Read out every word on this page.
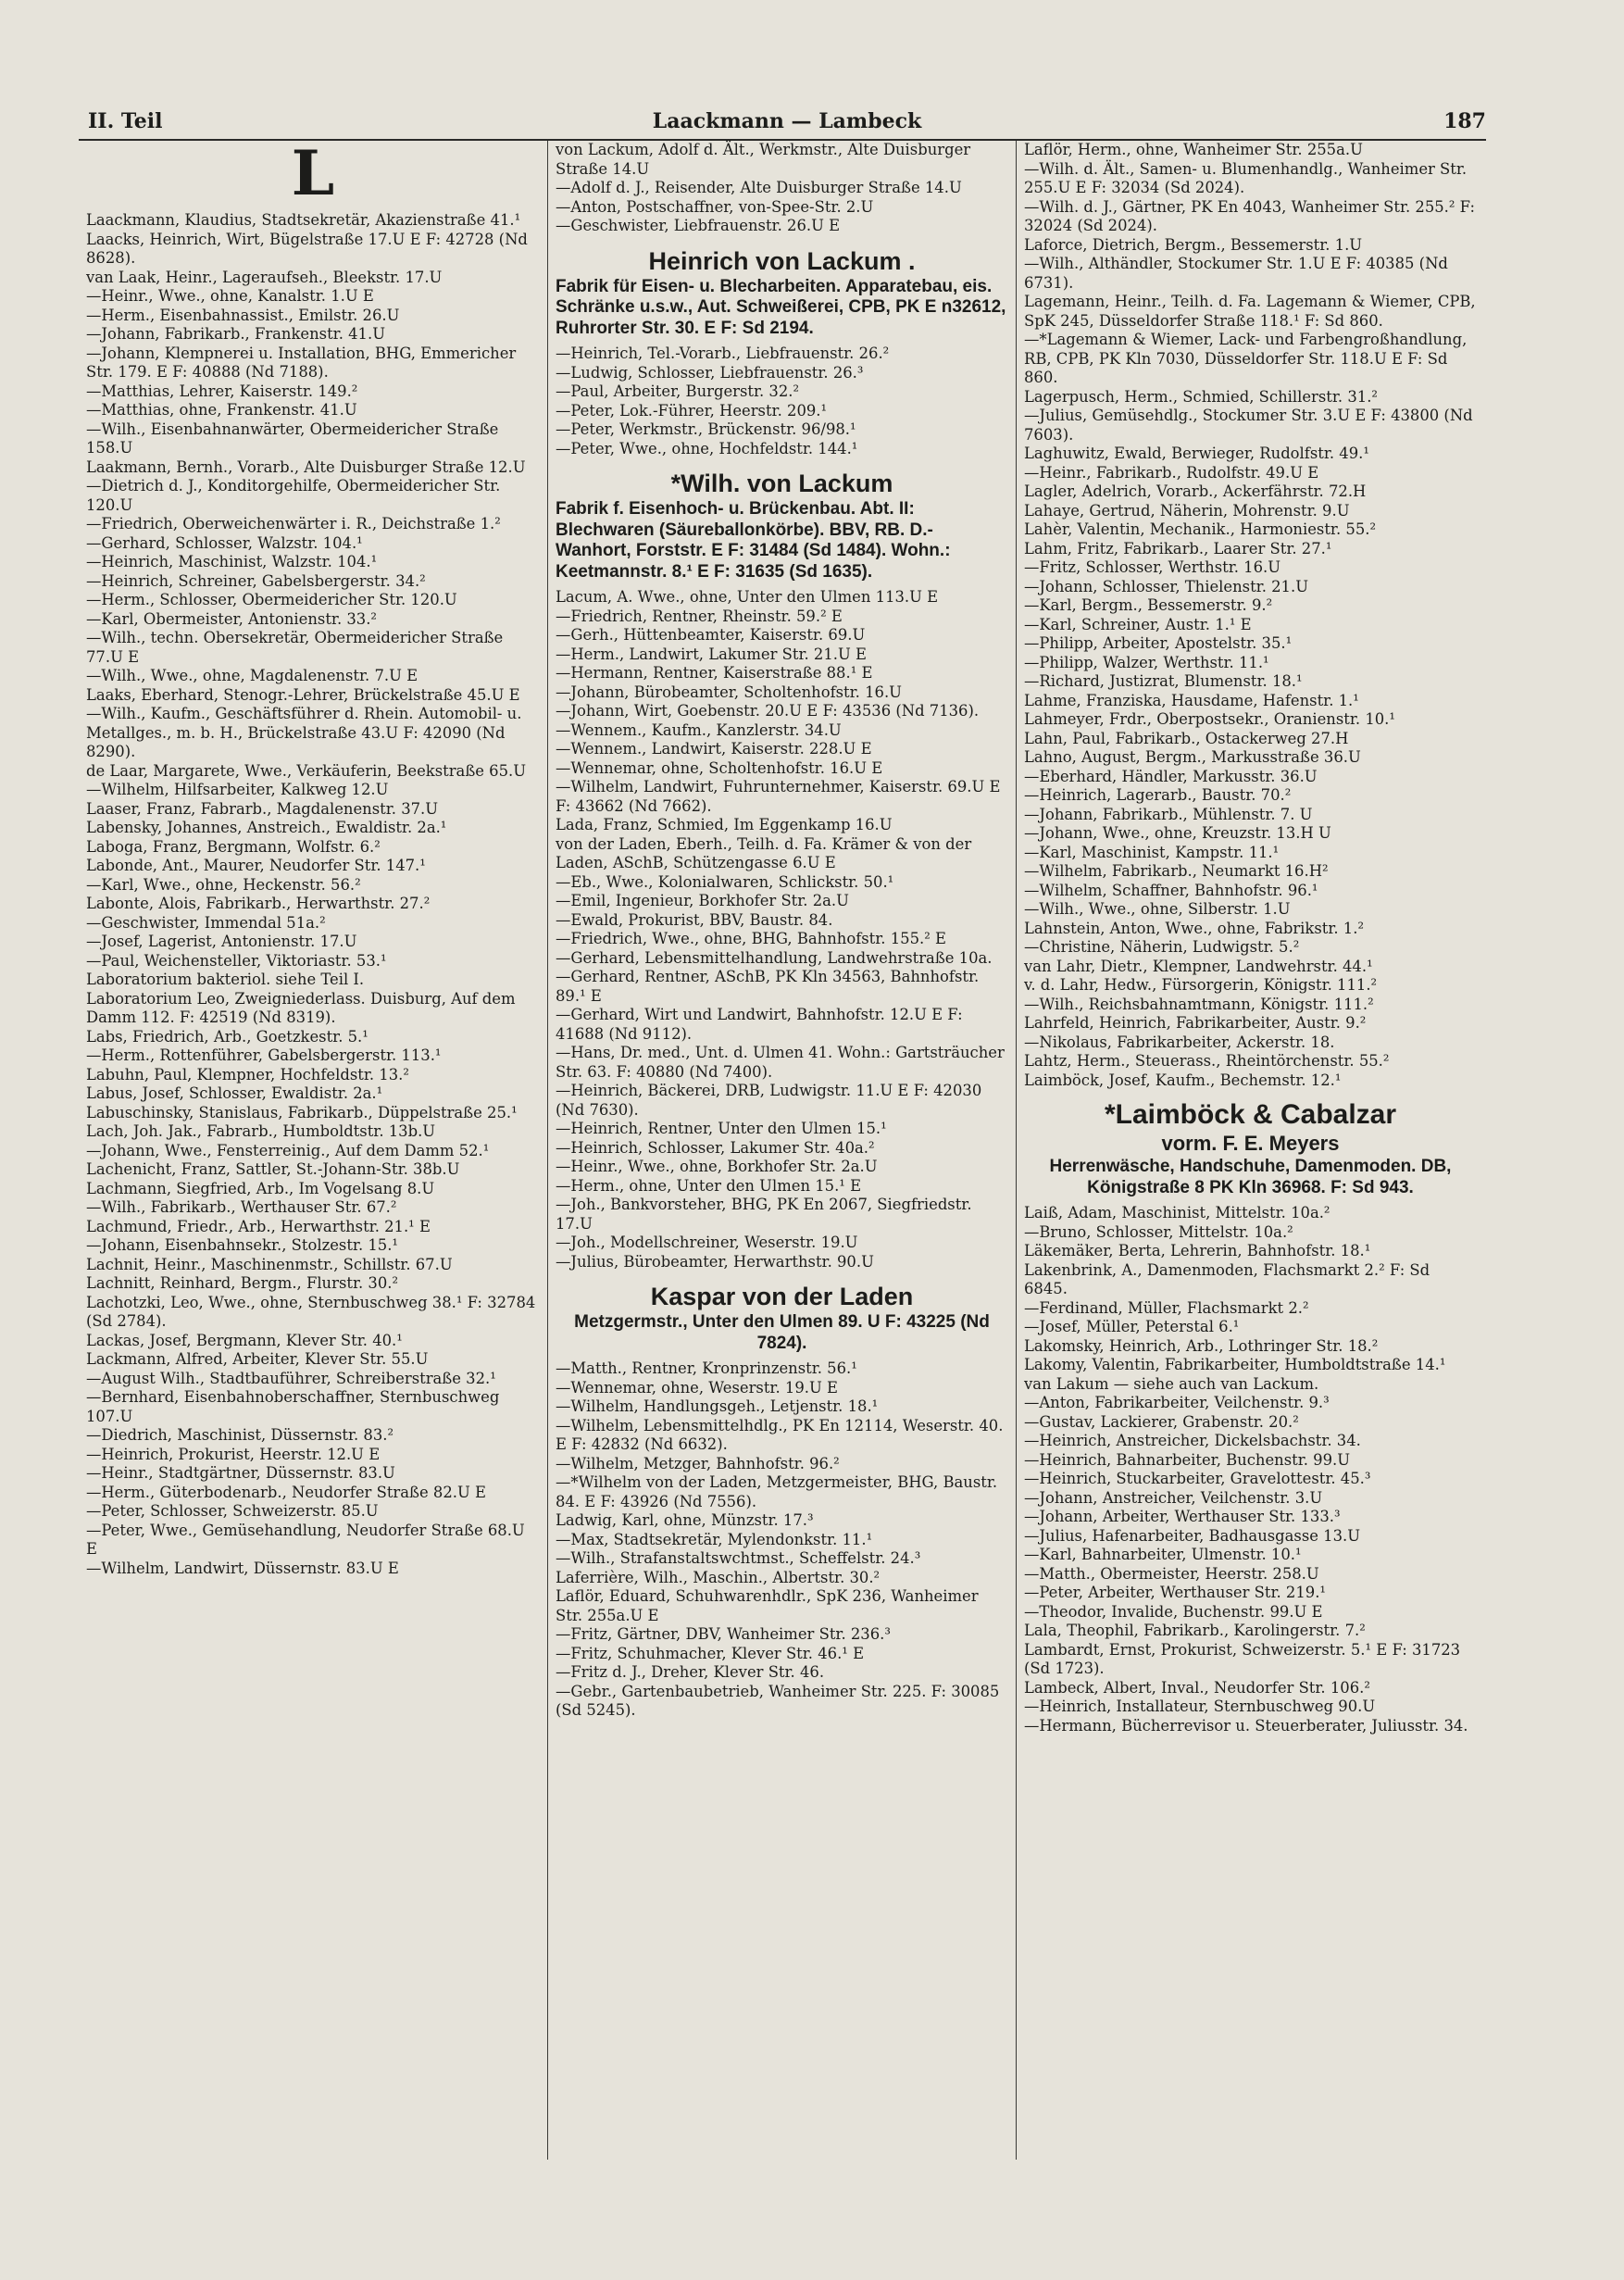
II. Teil	Laackmann — Lambeck	187
L

Laackmann, Klaudius, Stadtsekretär, Akazienstraße 41.¹

Laacks, Heinrich, Wirt, Bügelstraße 17.U E F: 42728 (Nd 8628).

van Laak, Heinr., Lageraufseh., Bleekstr. 17.U

—Heinr., Wwe., ohne, Kanalstr. 1.U E

—Herm., Eisenbahnassist., Emilstr. 26.U

—Johann, Fabrikarb., Frankenstr. 41.U

—Johann, Klempnerei u. Installation, BHG, Emmericher Str. 179. E F: 40888 (Nd 7188).

—Matthias, Lehrer, Kaiserstr. 149.²

—Matthias, ohne, Frankenstr. 41.U

—Wilh., Eisenbahnanwärter, Obermeidericher Straße 158.U

Laakmann, Bernh., Vorarb., Alte Duisburger Straße 12.U

—Dietrich d. J., Konditorgehilfe, Obermeidericher Str. 120.U

—Friedrich, Oberweichenwärter i. R., Deichstraße 1.²

—Gerhard, Schlosser, Walzstr. 104.¹

—Heinrich, Maschinist, Walzstr. 104.¹

—Heinrich, Schreiner, Gabelsbergerstr. 34.²

—Herm., Schlosser, Obermeidericher Str. 120.U

—Karl, Obermeister, Antonienstr. 33.²

—Wilh., techn. Obersekretär, Obermeidericher Straße 77.U E

—Wilh., Wwe., ohne, Magdalenenstr. 7.U E

Laaks, Eberhard, Stenogr.-Lehrer, Brückelstraße 45.U E

—Wilh., Kaufm., Geschäftsführer d. Rhein. Automobil- u. Metallges., m. b. H., Brückelstraße 43.U F: 42090 (Nd 8290).

de Laar, Margarete, Wwe., Verkäuferin, Beekstraße 65.U

—Wilhelm, Hilfsarbeiter, Kalkweg 12.U

Laaser, Franz, Fabrarb., Magdalenenstr. 37.U

Labensky, Johannes, Anstreich., Ewaldistr. 2a.¹

Laboga, Franz, Bergmann, Wolfstr. 6.²

Labonde, Ant., Maurer, Neudorfer Str. 147.¹

—Karl, Wwe., ohne, Heckenstr. 56.²

Labonte, Alois, Fabrikarb., Herwarthstr. 27.²

—Geschwister, Immendal 51a.²

—Josef, Lagerist, Antonienstr. 17.U

—Paul, Weichensteller, Viktoriastr. 53.¹

Laboratorium bakteriol. siehe Teil I.

Laboratorium Leo, Zweigniederlass. Duisburg, Auf dem Damm 112. F: 42519 (Nd 8319).

Labs, Friedrich, Arb., Goetzkestr. 5.¹

—Herm., Rottenführer, Gabelsbergerstr. 113.¹

Labuhn, Paul, Klempner, Hochfeldstr. 13.²

Labus, Josef, Schlosser, Ewaldistr. 2a.¹

Labuschinsky, Stanislaus, Fabrikarb., Düppelstraße 25.¹

Lach, Joh. Jak., Fabrarb., Humboldtstr. 13b.U

—Johann, Wwe., Fensterreinig., Auf dem Damm 52.¹

Lachenicht, Franz, Sattler, St.-Johann-Str. 38b.U

Lachmann, Siegfried, Arb., Im Vogelsang 8.U

—Wilh., Fabrikarb., Werthauser Str. 67.²

Lachmund, Friedr., Arb., Herwarthstr. 21.¹ E

—Johann, Eisenbahnsekr., Stolzestr. 15.¹

Lachnit, Heinr., Maschinenmstr., Schillstr. 67.U

Lachnitt, Reinhard, Bergm., Flurstr. 30.²

Lachotzki, Leo, Wwe., ohne, Sternbuschweg 38.¹ F: 32784 (Sd 2784).

Lackas, Josef, Bergmann, Klever Str. 40.¹

Lackmann, Alfred, Arbeiter, Klever Str. 55.U

—August Wilh., Stadtbauführer, Schreiberstraße 32.¹

—Bernhard, Eisenbahnoberschaffner, Sternbuschweg 107.U

—Diedrich, Maschinist, Düssernstr. 83.²

—Heinrich, Prokurist, Heerstr. 12.U E

—Heinr., Stadtgärtner, Düssernstr. 83.U

—Herm., Güterbodenarb., Neudorfer Straße 82.U E

—Peter, Schlosser, Schweizerstr. 85.U

—Peter, Wwe., Gemüsehandlung, Neudorfer Straße 68.U E

—Wilhelm, Landwirt, Düssernstr. 83.U E

von Lackum, Adolf d. Ält., Werkmstr., Alte Duisburger Straße 14.U

—Adolf d. J., Reisender, Alte Duisburger Straße 14.U

—Anton, Postschaffner, von-Spee-Str. 2.U

—Geschwister, Liebfrauenstr. 26.U E

Heinrich von Lackum .
Fabrik für Eisen- u. Blecharbeiten. Apparatebau, eis. Schränke u.s.w., Aut. Schweißerei, CPB, PK E n32612, Ruhrorter Str. 30. E F: Sd 2194.

—Heinrich, Tel.-Vorarb., Liebfrauenstr. 26.²

—Ludwig, Schlosser, Liebfrauenstr. 26.³

—Paul, Arbeiter, Burgerstr. 32.²

—Peter, Lok.-Führer, Heerstr. 209.¹

—Peter, Werkmstr., Brückenstr. 96/98.¹

—Peter, Wwe., ohne, Hochfeldstr. 144.¹

*Wilh. von Lackum
Fabrik f. Eisenhoch- u. Brückenbau. Abt. II: Blechwaren (Säureballonkörbe). BBV, RB. D.-Wanhort, Forststr. E F: 31484 (Sd 1484). Wohn.: Keetmannstr. 8.¹ E F: 31635 (Sd 1635).

Lacum, A. Wwe., ohne, Unter den Ulmen 113.U E

—Friedrich, Rentner, Rheinstr. 59.² E

—Gerh., Hüttenbeamter, Kaiserstr. 69.U

—Herm., Landwirt, Lakumer Str. 21.U E

—Hermann, Rentner, Kaiserstraße 88.¹ E

—Johann, Bürobeamter, Scholtenhofstr. 16.U

—Johann, Wirt, Goebenstr. 20.U E F: 43536 (Nd 7136).

—Wennem., Kaufm., Kanzlerstr. 34.U

—Wennem., Landwirt, Kaiserstr. 228.U E

—Wennemar, ohne, Scholtenhofstr. 16.U E

—Wilhelm, Landwirt, Fuhrunternehmer, Kaiserstr. 69.U E F: 43662 (Nd 7662).

Lada, Franz, Schmied, Im Eggenkamp 16.U

von der Laden, Eberh., Teilh. d. Fa. Krämer & von der Laden, ASchB, Schützengasse 6.U E

—Eb., Wwe., Kolonialwaren, Schlickstr. 50.¹

—Emil, Ingenieur, Borkhofer Str. 2a.U

—Ewald, Prokurist, BBV, Baustr. 84.

—Friedrich, Wwe., ohne, BHG, Bahnhofstr. 155.² E

—Gerhard, Lebensmittelhandlung, Landwehrstraße 10a.

—Gerhard, Rentner, ASchB, PK Kln 34563, Bahnhofstr. 89.¹ E

—Gerhard, Wirt und Landwirt, Bahnhofstr. 12.U E F: 41688 (Nd 9112).

—Hans, Dr. med., Unt. d. Ulmen 41. Wohn.: Gartsträucher Str. 63. F: 40880 (Nd 7400).

—Heinrich, Bäckerei, DRB, Ludwigstr. 11.U E F: 42030 (Nd 7630).

—Heinrich, Rentner, Unter den Ulmen 15.¹

—Heinrich, Schlosser, Lakumer Str. 40a.²

—Heinr., Wwe., ohne, Borkhofer Str. 2a.U

—Herm., ohne, Unter den Ulmen 15.¹ E

—Joh., Bankvorsteher, BHG, PK En 2067, Siegfriedstr. 17.U

—Joh., Modellschreiner, Weserstr. 19.U

—Julius, Bürobeamter, Herwarthstr. 90.U

Kaspar von der Laden
Metzgermstr., Unter den Ulmen 89. U F: 43225 (Nd 7824).

—Matth., Rentner, Kronprinzenstr. 56.¹

—Wennemar, ohne, Weserstr. 19.U E

—Wilhelm, Handlungsgeh., Letjenstr. 18.¹

—Wilhelm, Lebensmittelhdlg., PK En 12114, Weserstr. 40. E F: 42832 (Nd 6632).

—Wilhelm, Metzger, Bahnhofstr. 96.²

—*Wilhelm von der Laden, Metzgermeister, BHG, Baustr. 84. E F: 43926 (Nd 7556).

Ladwig, Karl, ohne, Münzstr. 17.³

—Max, Stadtsekretär, Mylendonkstr. 11.¹

—Wilh., Strafanstaltswchtmst., Scheffelstr. 24.³

Laferrière, Wilh., Maschin., Albertstr. 30.²

Laflör, Eduard, Schuhwarenhdlr., SpK 236, Wanheimer Str. 255a.U E

—Fritz, Gärtner, DBV, Wanheimer Str. 236.³

—Fritz, Schuhmacher, Klever Str. 46.¹ E

—Fritz d. J., Dreher, Klever Str. 46.

—Gebr., Gartenbaubetrieb, Wanheimer Str. 225. F: 30085 (Sd 5245).

Laflör, Herm., ohne, Wanheimer Str. 255a.U

—Wilh. d. Ält., Samen- u. Blumenhandlg., Wanheimer Str. 255.U E F: 32034 (Sd 2024).

—Wilh. d. J., Gärtner, PK En 4043, Wanheimer Str. 255.² F: 32024 (Sd 2024).

Laforce, Dietrich, Bergm., Bessemerstr. 1.U

—Wilh., Althändler, Stockumer Str. 1.U E F: 40385 (Nd 6731).

Lagemann, Heinr., Teilh. d. Fa. Lagemann & Wiemer, CPB, SpK 245, Düsseldorfer Straße 118.¹ F: Sd 860.

—*Lagemann & Wiemer, Lack- und Farbengroßhandlung, RB, CPB, PK Kln 7030, Düsseldorfer Str. 118.U E F: Sd 860.

Lagerpusch, Herm., Schmied, Schillerstr. 31.²

—Julius, Gemüsehdlg., Stockumer Str. 3.U E F: 43800 (Nd 7603).

Laghuwitz, Ewald, Berwieger, Rudolfstr. 49.¹

—Heinr., Fabrikarb., Rudolfstr. 49.U E

Lagler, Adelrich, Vorarb., Ackerfährstr. 72.H

Lahaye, Gertrud, Näherin, Mohrenstr. 9.U

Lahèr, Valentin, Mechanik., Harmoniestr. 55.²

Lahm, Fritz, Fabrikarb., Laarer Str. 27.¹

—Fritz, Schlosser, Werthstr. 16.U

—Johann, Schlosser, Thielenstr. 21.U

—Karl, Bergm., Bessemerstr. 9.²

—Karl, Schreiner, Austr. 1.¹ E

—Philipp, Arbeiter, Apostelstr. 35.¹

—Philipp, Walzer, Werthstr. 11.¹

—Richard, Justizrat, Blumenstr. 18.¹

Lahme, Franziska, Hausdame, Hafenstr. 1.¹

Lahmeyer, Frdr., Oberpostsekr., Oranienstr. 10.¹

Lahn, Paul, Fabrikarb., Ostackerweg 27.H

Lahno, August, Bergm., Markusstraße 36.U

—Eberhard, Händler, Markusstr. 36.U

—Heinrich, Lagerarb., Baustr. 70.²

—Johann, Fabrikarb., Mühlenstr. 7. U

—Johann, Wwe., ohne, Kreuzstr. 13.H U

—Karl, Maschinist, Kampstr. 11.¹

—Wilhelm, Fabrikarb., Neumarkt 16.H²

—Wilhelm, Schaffner, Bahnhofstr. 96.¹

—Wilh., Wwe., ohne, Silberstr. 1.U

Lahnstein, Anton, Wwe., ohne, Fabrikstr. 1.²

—Christine, Näherin, Ludwigstr. 5.²

van Lahr, Dietr., Klempner, Landwehrstr. 44.¹

v. d. Lahr, Hedw., Fürsorgerin, Königstr. 111.²

—Wilh., Reichsbahnamtmann, Königstr. 111.²

Lahrfeld, Heinrich, Fabrikarbeiter, Austr. 9.²

—Nikolaus, Fabrikarbeiter, Ackerstr. 18.

Lahtz, Herm., Steuerass., Rheintörchenstr. 55.²

Laimböck, Josef, Kaufm., Bechemstr. 12.¹

*Laimböck & Cabalzar
vorm. F. E. Meyers
Herrenwäsche, Handschuhe, Damenmoden. DB, Königstraße 8 PK Kln 36968. F: Sd 943.

Laiß, Adam, Maschinist, Mittelstr. 10a.²

—Bruno, Schlosser, Mittelstr. 10a.²

Läkemäker, Berta, Lehrerin, Bahnhofstr. 18.¹

Lakenbrink, A., Damenmoden, Flachsmarkt 2.² F: Sd 6845.

—Ferdinand, Müller, Flachsmarkt 2.²

—Josef, Müller, Peterstal 6.¹

Lakomsky, Heinrich, Arb., Lothringer Str. 18.²

Lakomy, Valentin, Fabrikarbeiter, Humboldtstraße 14.¹

van Lakum — siehe auch van Lackum.

—Anton, Fabrikarbeiter, Veilchenstr. 9.³

—Gustav, Lackierer, Grabenstr. 20.²

—Heinrich, Anstreicher, Dickelsbachstr. 34.

—Heinrich, Bahnarbeiter, Buchenstr. 99.U

—Heinrich, Stuckarbeiter, Gravelottestr. 45.³

—Johann, Anstreicher, Veilchenstr. 3.U

—Johann, Arbeiter, Werthauser Str. 133.³

—Julius, Hafenarbeiter, Badhausgasse 13.U

—Karl, Bahnarbeiter, Ulmenstr. 10.¹

—Matth., Obermeister, Heerstr. 258.U

—Peter, Arbeiter, Werthauser Str. 219.¹

—Theodor, Invalide, Buchenstr. 99.U E

Lala, Theophil, Fabrikarb., Karolingerstr. 7.²

Lambardt, Ernst, Prokurist, Schweizerstr. 5.¹ E F: 31723 (Sd 1723).

Lambeck, Albert, Inval., Neudorfer Str. 106.²

—Heinrich, Installateur, Sternbuschweg 90.U

—Hermann, Bücherrevisor u. Steuerberater, Juliusstr. 34.
